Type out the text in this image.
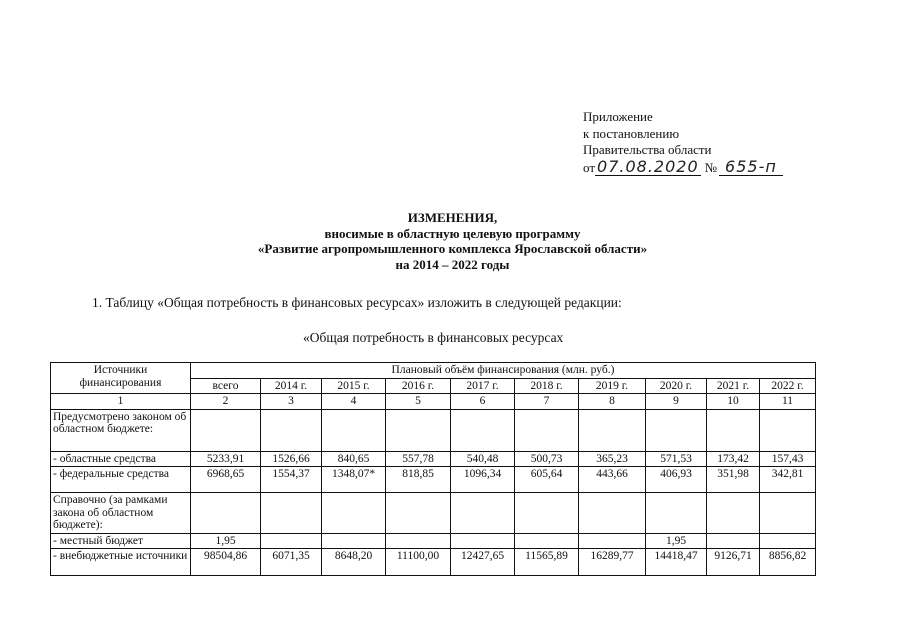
Приложение
к постановлению
Правительства области
от 07.08.2020 № 655-п
ИЗМЕНЕНИЯ,
вносимые в областную целевую программу
«Развитие агропромышленного комплекса Ярославской области»
на 2014 – 2022 годы
1. Таблицу «Общая потребность в финансовых ресурсах» изложить в следующей редакции:
«Общая потребность в финансовых ресурсах
Источники финансирования	Плановый объём финансирования (млн. руб.)									
	всего	2014 г.	2015 г.	2016 г.	2017 г.	2018 г.	2019 г.	2020 г.	2021 г.	2022 г.
1	2	3	4	5	6	7	8	9	10	11
Предусмотрено законом об областном бюджете:										
- областные средства	5233,91	1526,66	840,65	557,78	540,48	500,73	365,23	571,53	173,42	157,43
- федеральные средства	6968,65	1554,37	1348,07*	818,85	1096,34	605,64	443,66	406,93	351,98	342,81
Справочно (за рамками закона об областном бюджете):										
- местный бюджет	1,95							1,95		
- внебюджетные источники	98504,86	6071,35	8648,20	11100,00	12427,65	11565,89	16289,77	14418,47	9126,71	8856,82
